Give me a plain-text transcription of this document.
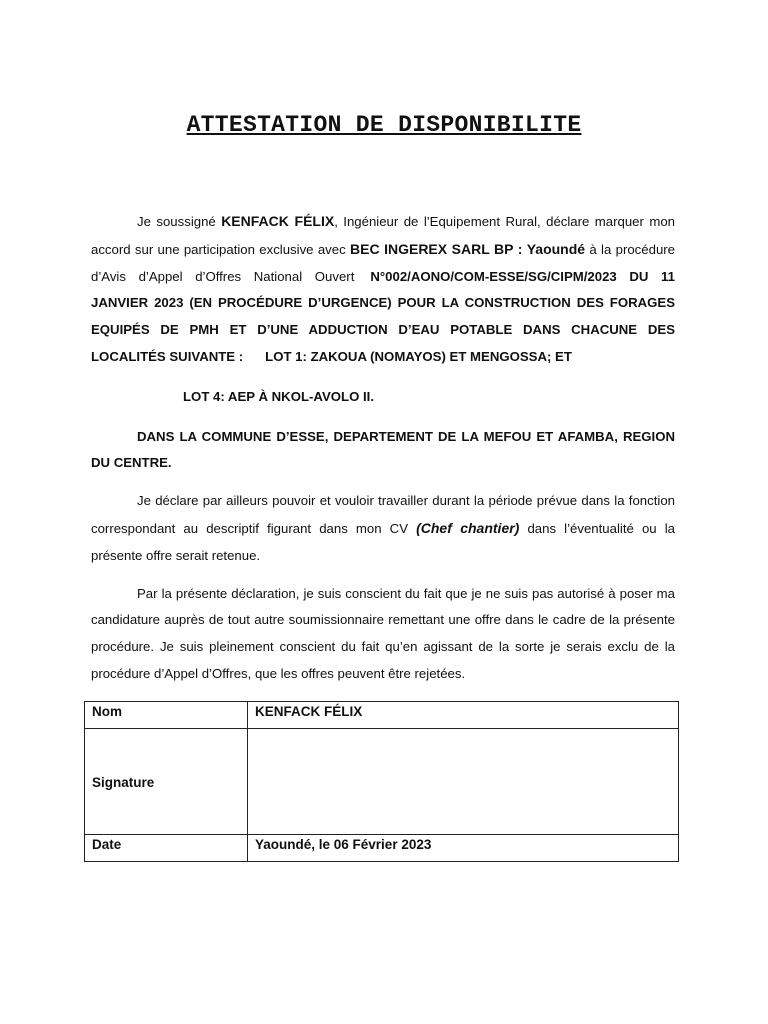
ATTESTATION DE DISPONIBILITE

Je soussigné KENFACK FÉLIX, Ingénieur de l’Equipement Rural, déclare marquer mon accord sur une participation exclusive avec BEC INGEREX SARL BP : Yaoundé à la procédure d’Avis d’Appel d’Offres National Ouvert N°002/AONO/COM-ESSE/SG/CIPM/2023 DU 11 JANVIER 2023 (EN PROCÉDURE D’URGENCE) POUR LA CONSTRUCTION DES FORAGES EQUIPÉS DE PMH ET D’UNE ADDUCTION D’EAU POTABLE DANS CHACUNE DES LOCALITÉS SUIVANTE : LOT 1: ZAKOUA (NOMAYOS) ET MENGOSSA; ET

LOT 4: AEP À NKOL-AVOLO II.

DANS LA COMMUNE D’ESSE, DEPARTEMENT DE LA MEFOU ET AFAMBA, REGION DU CENTRE.

Je déclare par ailleurs pouvoir et vouloir travailler durant la période prévue dans la fonction correspondant au descriptif figurant dans mon CV (Chef chantier) dans l’éventualité ou la présente offre serait retenue.

Par la présente déclaration, je suis conscient du fait que je ne suis pas autorisé à poser ma candidature auprès de tout autre soumissionnaire remettant une offre dans le cadre de la présente procédure. Je suis pleinement conscient du fait qu’en agissant de la sorte je serais exclu de la procédure d’Appel d’Offres, que les offres peuvent être rejetées.

Nom	KENFACK FÉLIX
Signature	
Date	Yaoundé, le 06 Février 2023
